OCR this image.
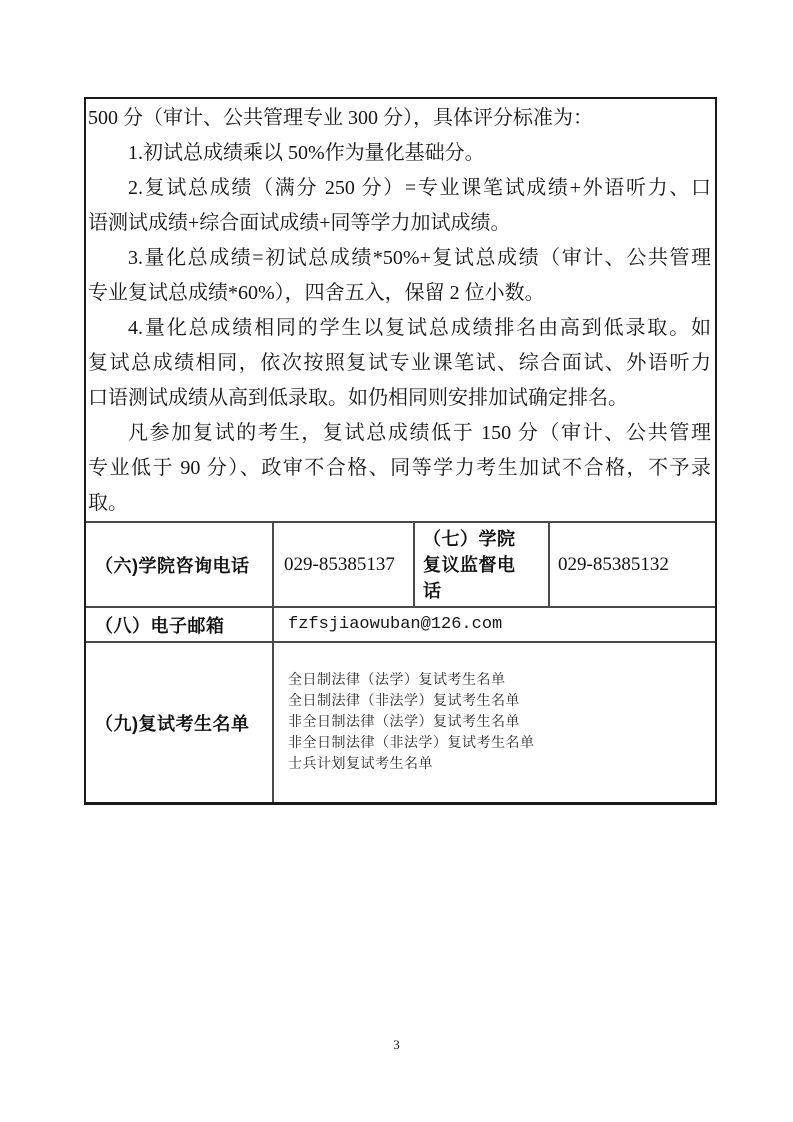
500 分（审计、公共管理专业 300 分），具体评分标准为：
1.初试总成绩乘以 50%作为量化基础分。
2.复试总成绩（满分 250 分）=专业课笔试成绩+外语听力、口
语测试成绩+综合面试成绩+同等学力加试成绩。
3.量化总成绩=初试总成绩*50%+复试总成绩（审计、公共管理
专业复试总成绩*60%），四舍五入，保留 2 位小数。
4.量化总成绩相同的学生以复试总成绩排名由高到低录取。如
复试总成绩相同，依次按照复试专业课笔试、综合面试、外语听力
口语测试成绩从高到低录取。如仍相同则安排加试确定排名。
凡参加复试的考生，复试总成绩低于 150 分（审计、公共管理
专业低于 90 分）、政审不合格、同等学力考生加试不合格，不予录
取。
（六)学院咨询电话	029-85385137
（七）学院复议监督电话
029-85385132
（八）电子邮箱	fzfsjiaowuban@126.com
（九)复试考生名单
全日制法律（法学）复试考生名单
全日制法律（非法学）复试考生名单
非全日制法律（法学）复试考生名单
非全日制法律（非法学）复试考生名单
士兵计划复试考生名单
3
